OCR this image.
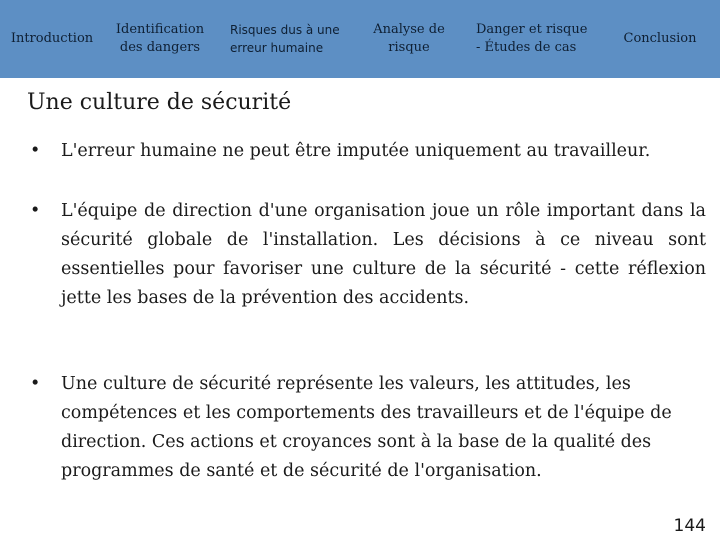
Introduction
Identification
des dangers
Risques dus à une
erreur humaine
Analyse de
risque
Danger et risque
- Études de cas
Conclusion
Une culture de sécurité
•	L'erreur humaine ne peut être imputée uniquement au travailleur.
•	L'équipe de direction d'une organisation joue un rôle important dans la sécurité globale de l'installation. Les décisions à ce niveau sont essentielles pour favoriser une culture de la sécurité - cette réflexion jette les bases de la prévention des accidents.
•	Une culture de sécurité représente les valeurs, les attitudes, les compétences et les comportements des travailleurs et de l'équipe de direction. Ces actions et croyances sont à la base de la qualité des programmes de santé et de sécurité de l'organisation.
144
